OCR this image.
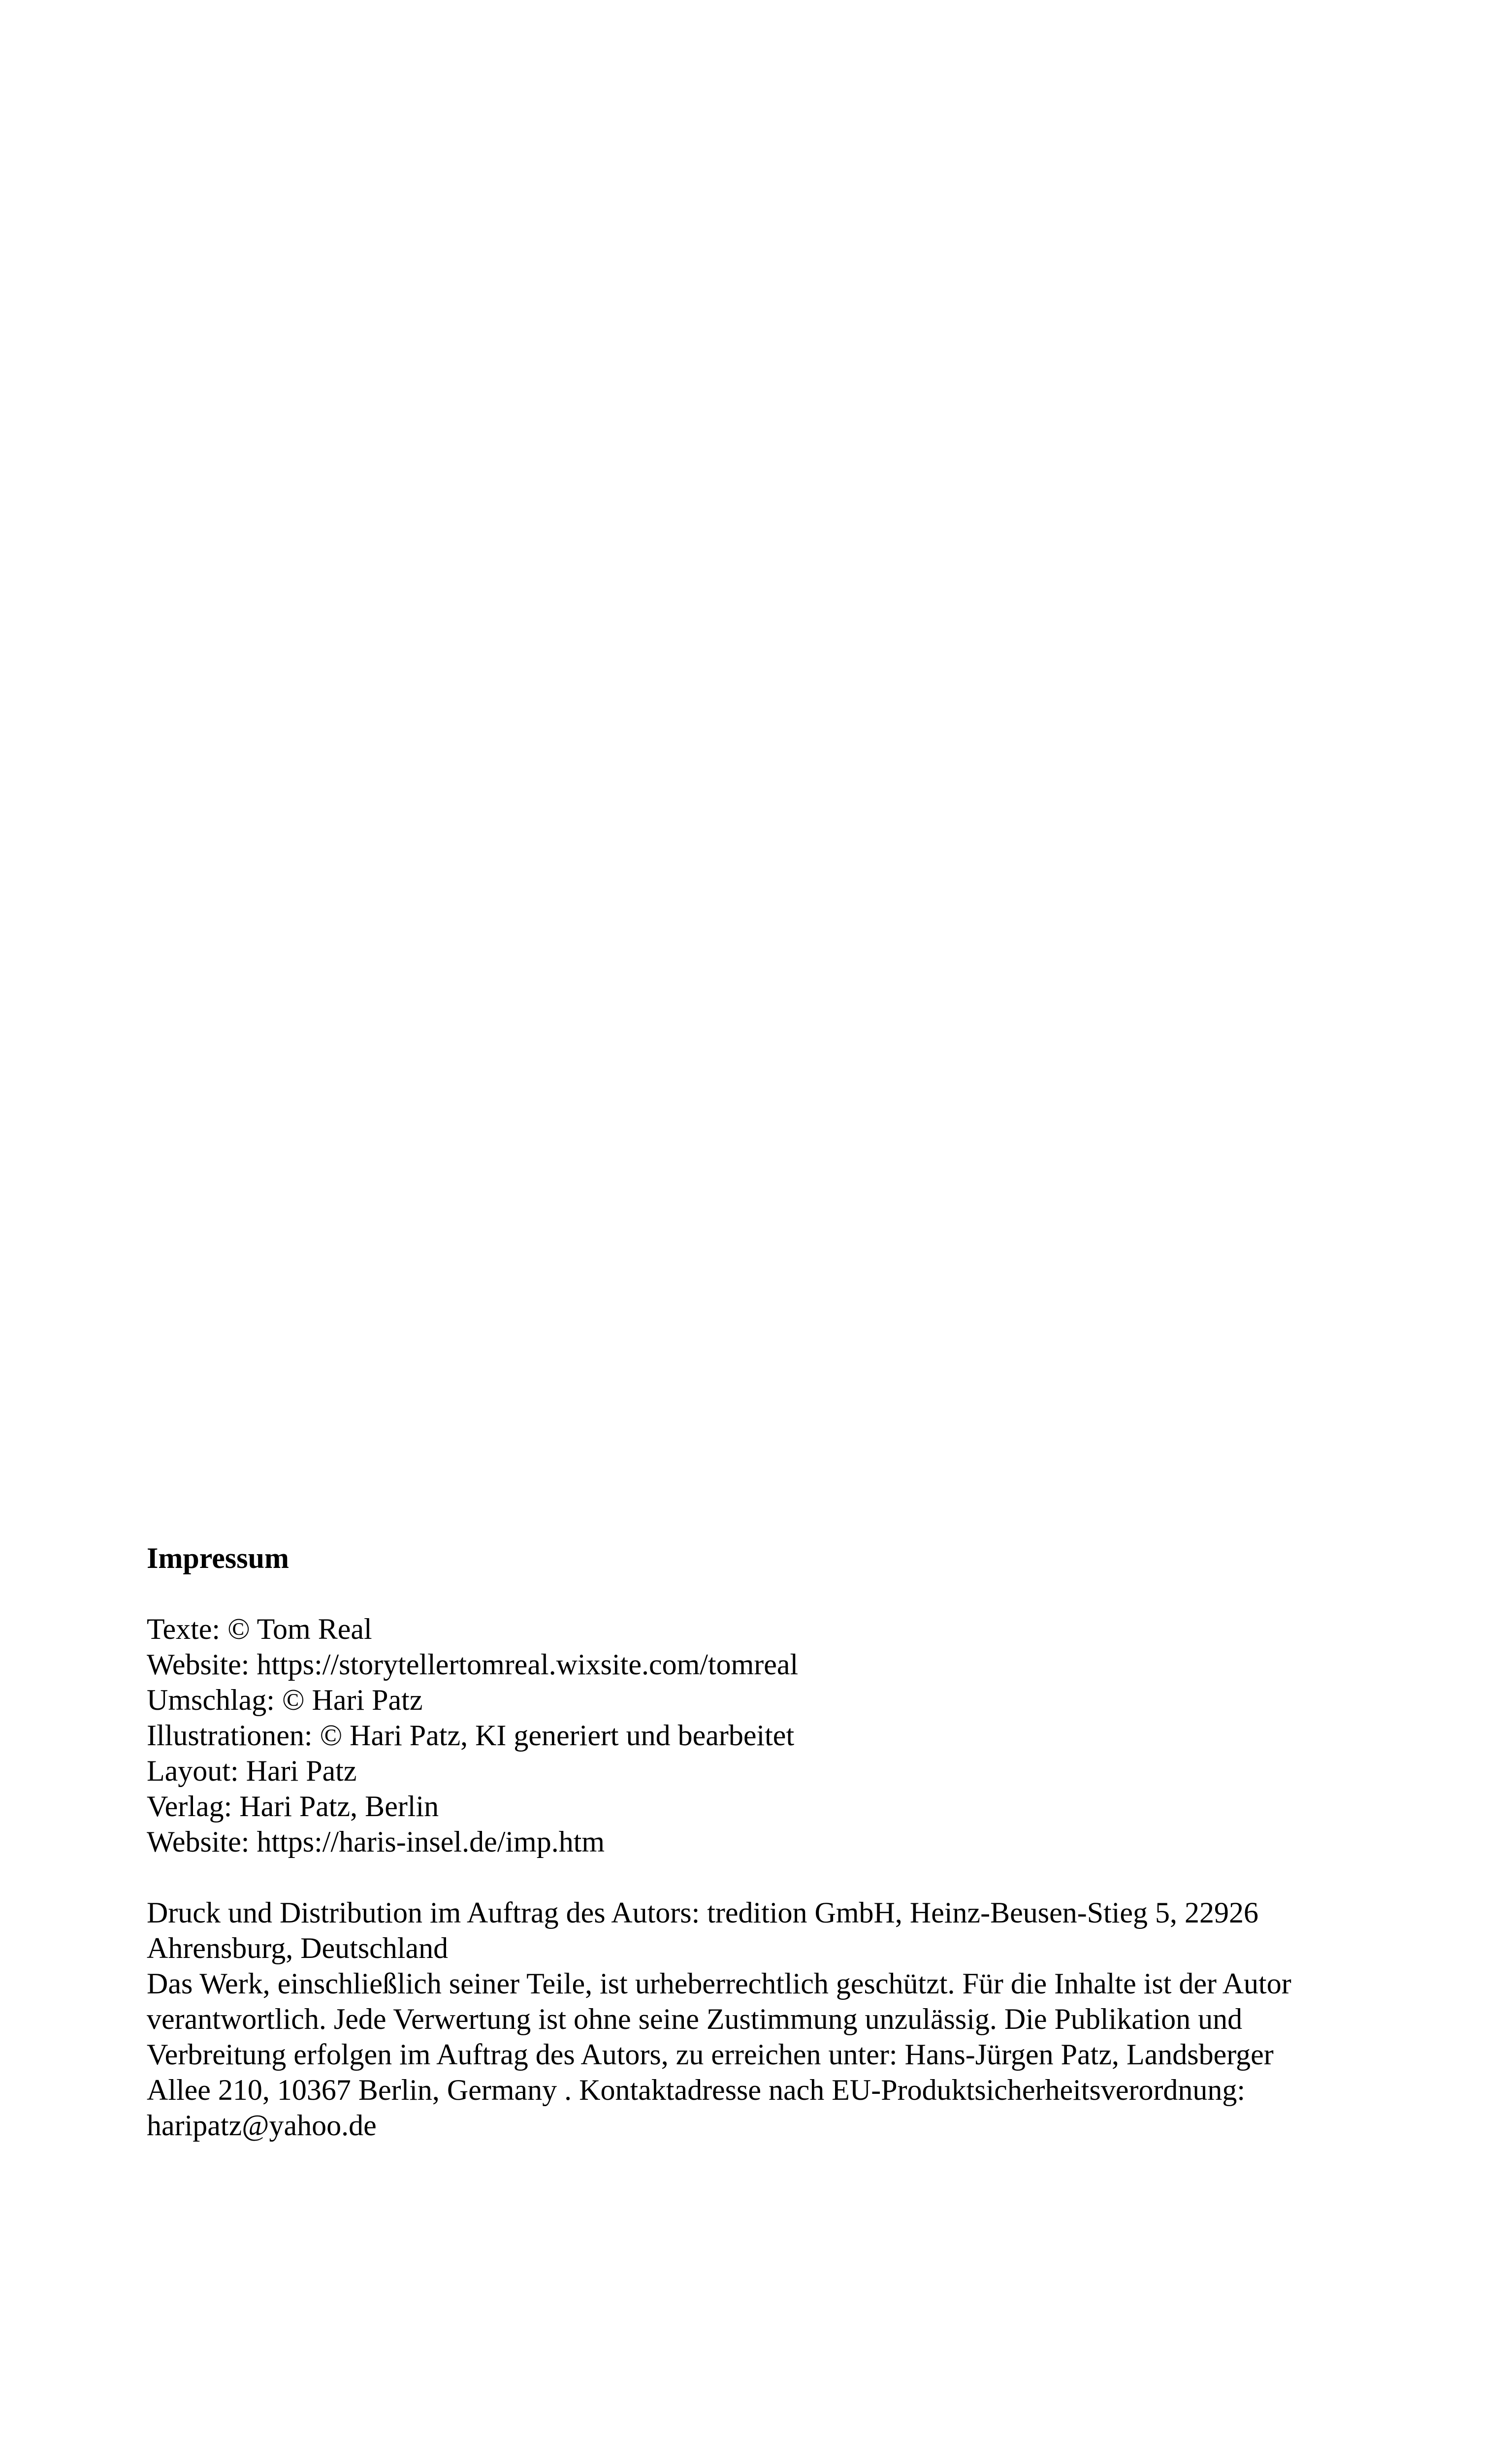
Impressum
Texte: © Tom Real
Website: https://storytellertomreal.wixsite.com/tomreal
Umschlag: © Hari Patz
Illustrationen: © Hari Patz, KI generiert und bearbeitet
Layout: Hari Patz
Verlag: Hari Patz, Berlin
Website: https://haris-insel.de/imp.htm
Druck und Distribution im Auftrag des Autors: tredition GmbH, Heinz-Beusen-Stieg 5, 22926
Ahrensburg, Deutschland
Das Werk, einschließlich seiner Teile, ist urheberrechtlich geschützt. Für die Inhalte ist der Autor
verantwortlich. Jede Verwertung ist ohne seine Zustimmung unzulässig. Die Publikation und
Verbreitung erfolgen im Auftrag des Autors, zu erreichen unter: Hans-Jürgen Patz, Landsberger
Allee 210, 10367 Berlin, Germany . Kontaktadresse nach EU-Produktsicherheitsverordnung:
haripatz@yahoo.de
